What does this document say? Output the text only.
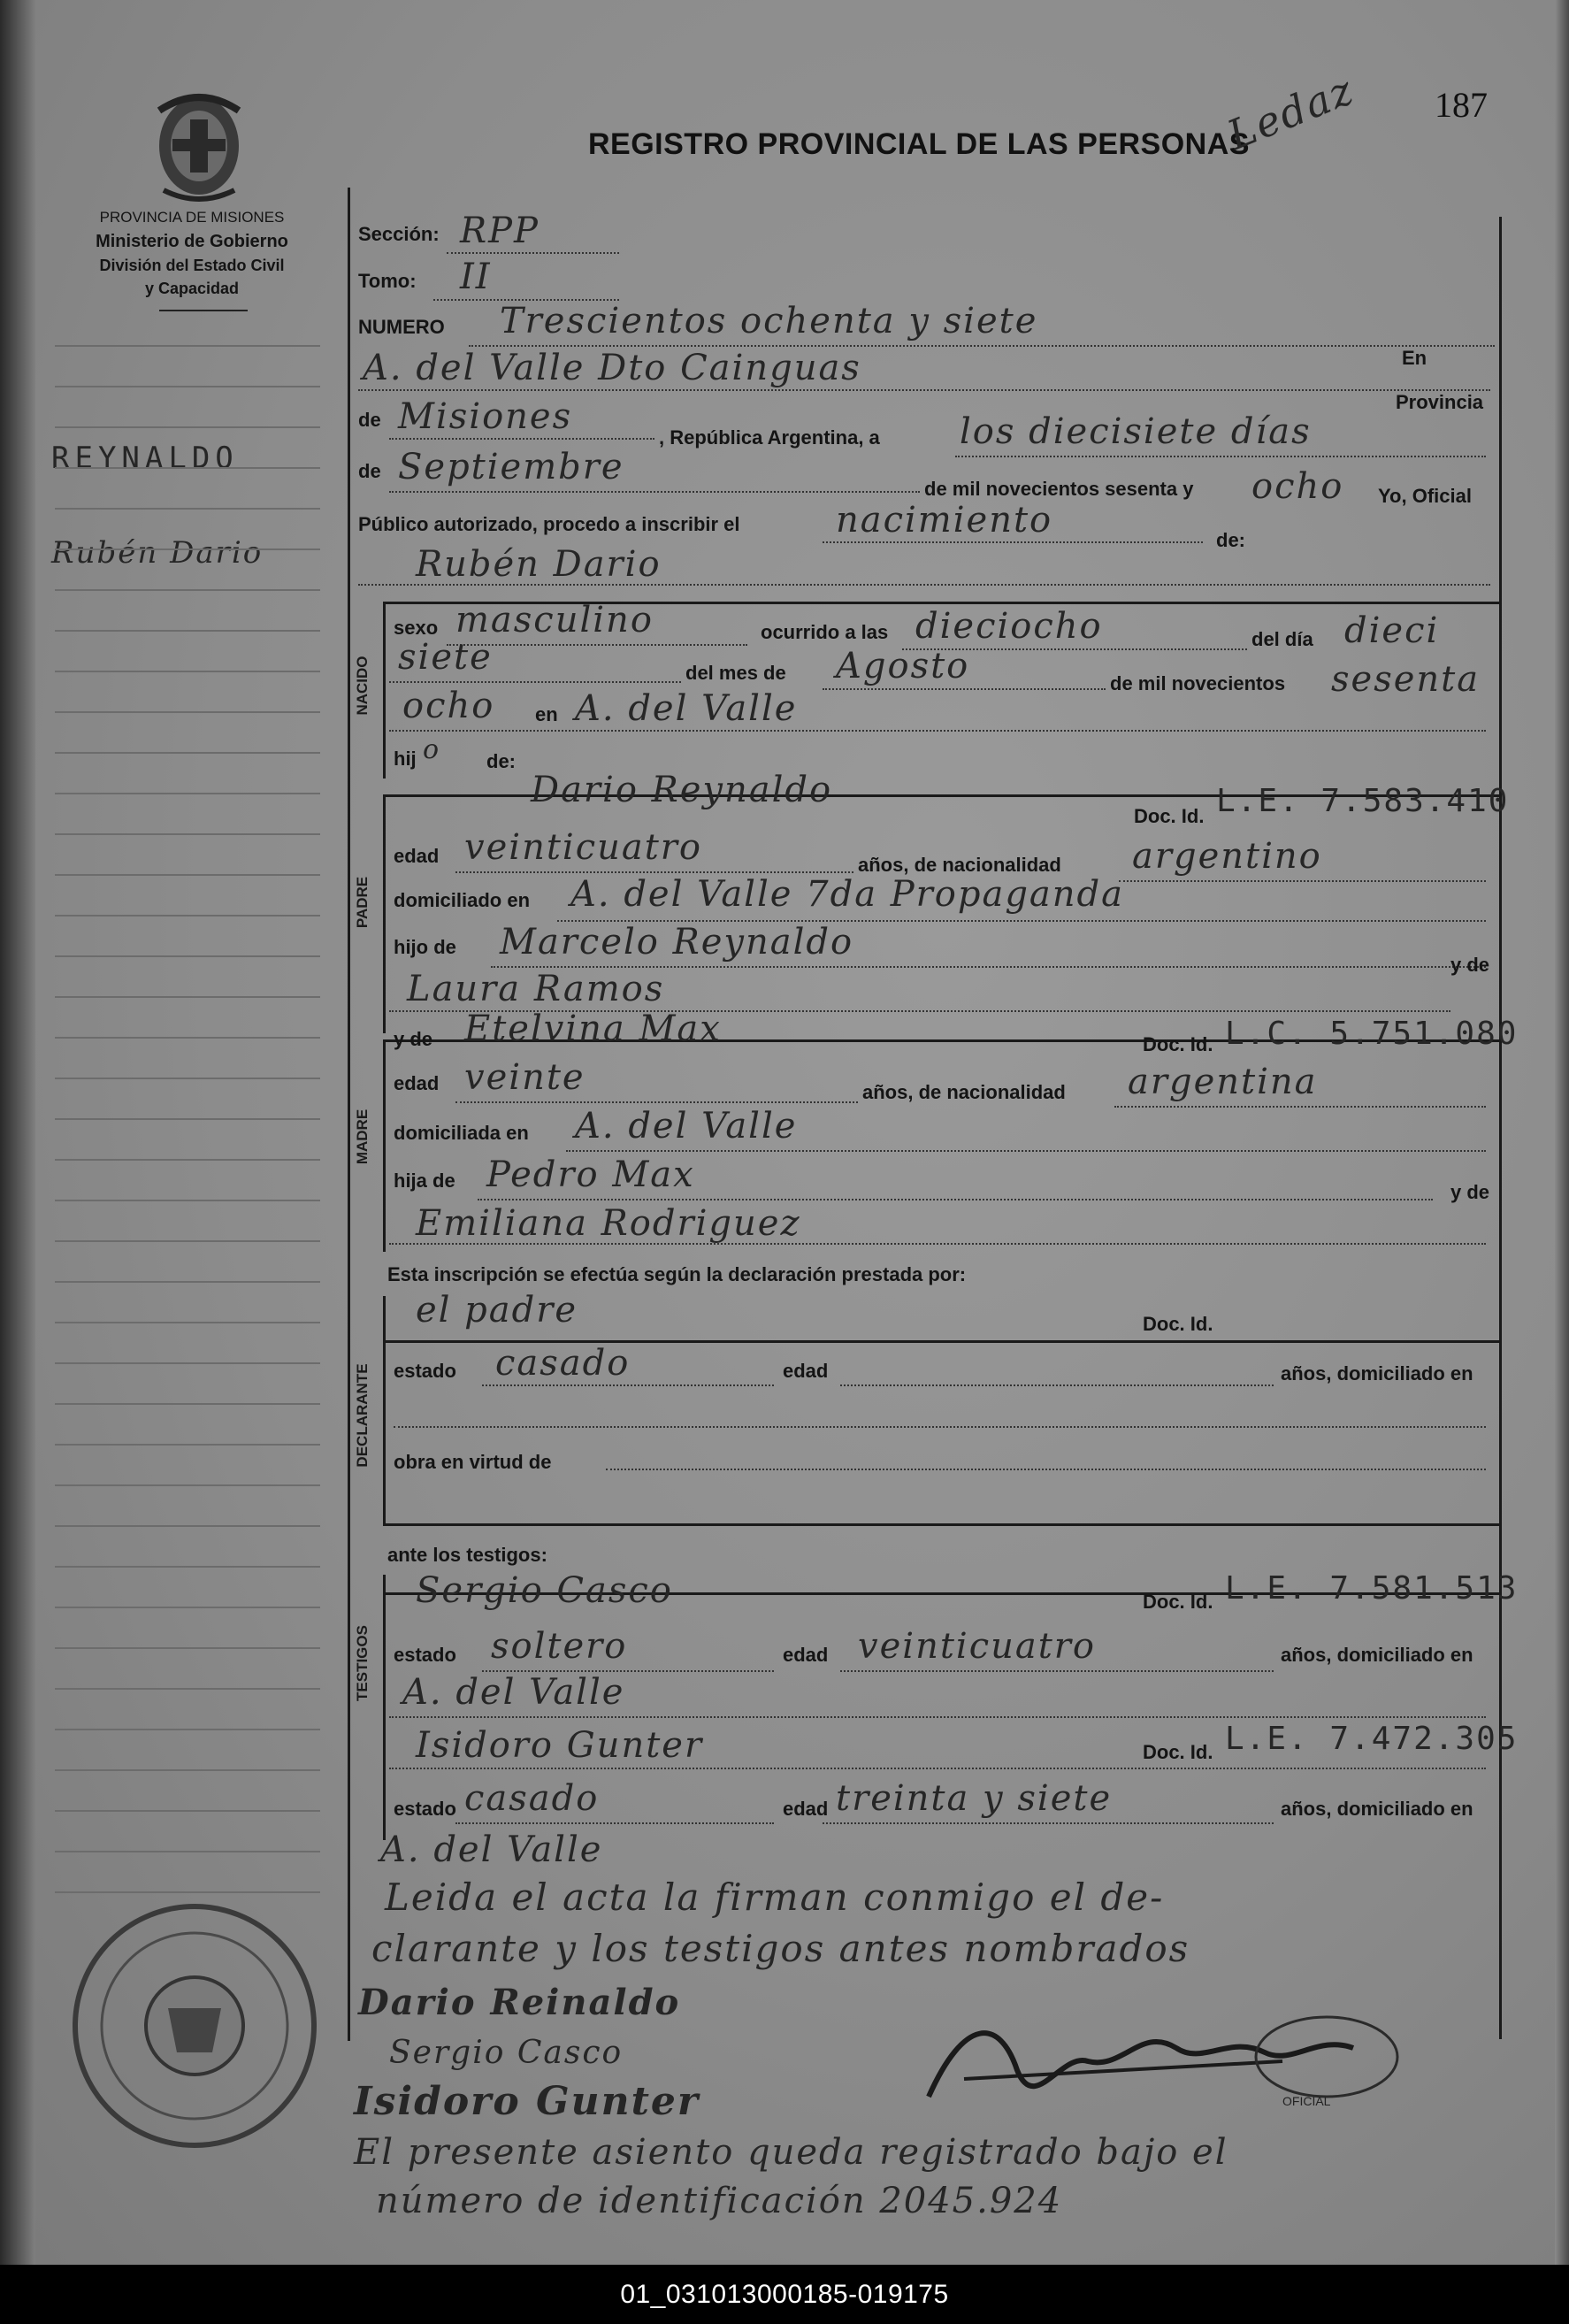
PROVINCIA DE MISIONES
Ministerio de Gobierno
División del Estado Civil
y Capacidad
REYNALDO
Rubén Dario
REGISTRO PROVINCIAL DE LAS PERSONAS
Ledaz 187
Sección: RPP
Tomo: II
NUMERO Trescientos ochenta y siete
A. del Valle Dto Cainguas	En
Provincia
de Misiones
, República Argentina, a los diecisiete días
de Septiembre
de mil novecientos sesenta y ocho Yo, Oficial
Público autorizado, procedo a inscribir el	nacimiento	de:
Rubén Dario
NACIDO
sexo masculino	ocurrido a las dieciocho	del día dieci
siete	del mes de Agosto	de mil novecientos sesenta
ocho en A. del Valle
hij o de:
PADRE
Dario Reynaldo
Doc. Id. L.E. 7.583.410
edad veinticuatro	años, de nacionalidad argentino
domiciliado en A. del Valle 7da Propaganda
hijo de Marcelo Reynaldo
Laura Ramos
y de
MADRE
y de Etelvina Max	Doc. Id. L.C. 5.751.080
edad veinte	años, de nacionalidad argentina
domiciliada en A. del Valle
hija de Pedro Max	y de
Emiliana Rodriguez
Esta inscripción se efectúa según la declaración prestada por:
DECLARANTE
el padre	Doc. Id.
estado casado	edad	años, domiciliado en
obra en virtud de
ante los testigos:
TESTIGOS
Sergio Casco	Doc. Id. L.E. 7.581.513
estado soltero	edad veinticuatro	años, domiciliado en
A. del Valle
Isidoro Gunter	Doc. Id. L.E. 7.472.305
estado casado	edad treinta y siete	años, domiciliado en
A. del Valle
Leida el acta la firman conmigo el de-
clarante y los testigos antes nombrados
Dario Reinaldo
Sergio Casco
Isidoro Gunter	OFICIAL
El presente asiento queda registrado bajo el
número de identificación 2045.924
01_031013000185-019175
